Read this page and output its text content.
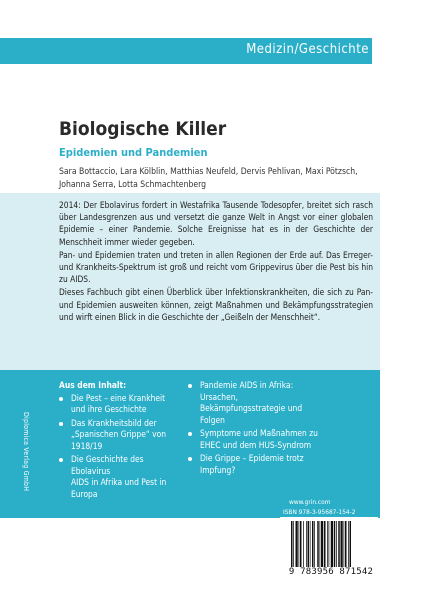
Medizin/Geschichte
Biologische Killer
Epidemien und Pandemien
Sara Bottaccio, Lara Kölblin, Matthias Neufeld, Dervis Pehlivan, Maxi Pötzsch, Johanna Serra, Lotta Schmachtenberg

2014: Der Ebolavirus fordert in Westafrika Tausende Todesopfer, breitet sich rasch über Landesgrenzen aus und versetzt die ganze Welt in Angst vor einer globalen Epidemie – einer Pandemie. Solche Ereignisse hat es in der Geschichte der Menschheit immer wieder gegeben.

Pan- und Epidemien traten und treten in allen Regionen der Erde auf. Das Erreger- und Krankheits-Spektrum ist groß und reicht vom Grippevirus über die Pest bis hin zu AIDS.

Dieses Fachbuch gibt einen Überblick über Infektionskrankheiten, die sich zu Pan- und Epidemien ausweiten können, zeigt Maßnahmen und Bekämpfungsstrategien und wirft einen Blick in die Geschichte der „Geißeln der Menschheit“.

Aus dem Inhalt:
Die Pest – eine Krankheit und ihre Geschichte
Das Krankheitsbild der „Spanischen Grippe“ von 1918/19
Die Geschichte des Ebolavirus
AIDS in Afrika und Pest in Europa
Pandemie AIDS in Afrika: Ursachen, Bekämpfungsstrategie und Folgen
Symptome und Maßnahmen zu EHEC und dem HUS-Syndrom
Die Grippe – Epidemie trotz Impfung?
Diplomica Verlag GmbH
www.grin.com
ISBN 978-3-95687-154-2
9 783956 871542
